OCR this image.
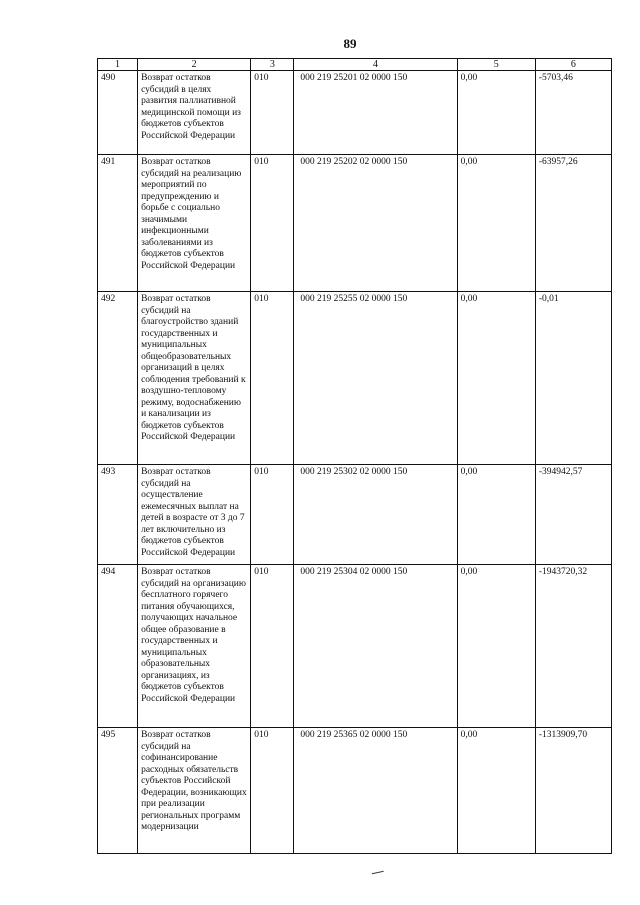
89
1	2	3	4	5	6
490	Возврат остатков субсидий в целях развития паллиативной медицинской помощи из бюджетов субъектов Российской Федерации	010	000 219 25201 02 0000 150	0,00	-5703,46
491	Возврат остатков субсидий на реализацию мероприятий по предупреждению и борьбе с социально значимыми инфекционными заболеваниями из бюджетов субъектов Российской Федерации	010	000 219 25202 02 0000 150	0,00	-63957,26
492	Возврат остатков субсидий на благоустройство зданий государственных и муниципальных общеобразовательных организаций в целях соблюдения требований к воздушно-тепловому режиму, водоснабжению и канализации из бюджетов субъектов Российской Федерации	010	000 219 25255 02 0000 150	0,00	-0,01
493	Возврат остатков субсидий на осуществление ежемесячных выплат на детей в возрасте от 3 до 7 лет включительно из бюджетов субъектов Российской Федерации	010	000 219 25302 02 0000 150	0,00	-394942,57
494	Возврат остатков субсидий на организацию бесплатного горячего питания обучающихся, получающих начальное общее образование в государственных и муниципальных образовательных организациях, из бюджетов субъектов Российской Федерации	010	000 219 25304 02 0000 150	0,00	-1943720,32
495	Возврат остатков субсидий на софинансирование расходных обязательств субъектов Российской Федерации, возникающих при реализации региональных программ модернизации	010	000 219 25365 02 0000 150	0,00	-1313909,70
